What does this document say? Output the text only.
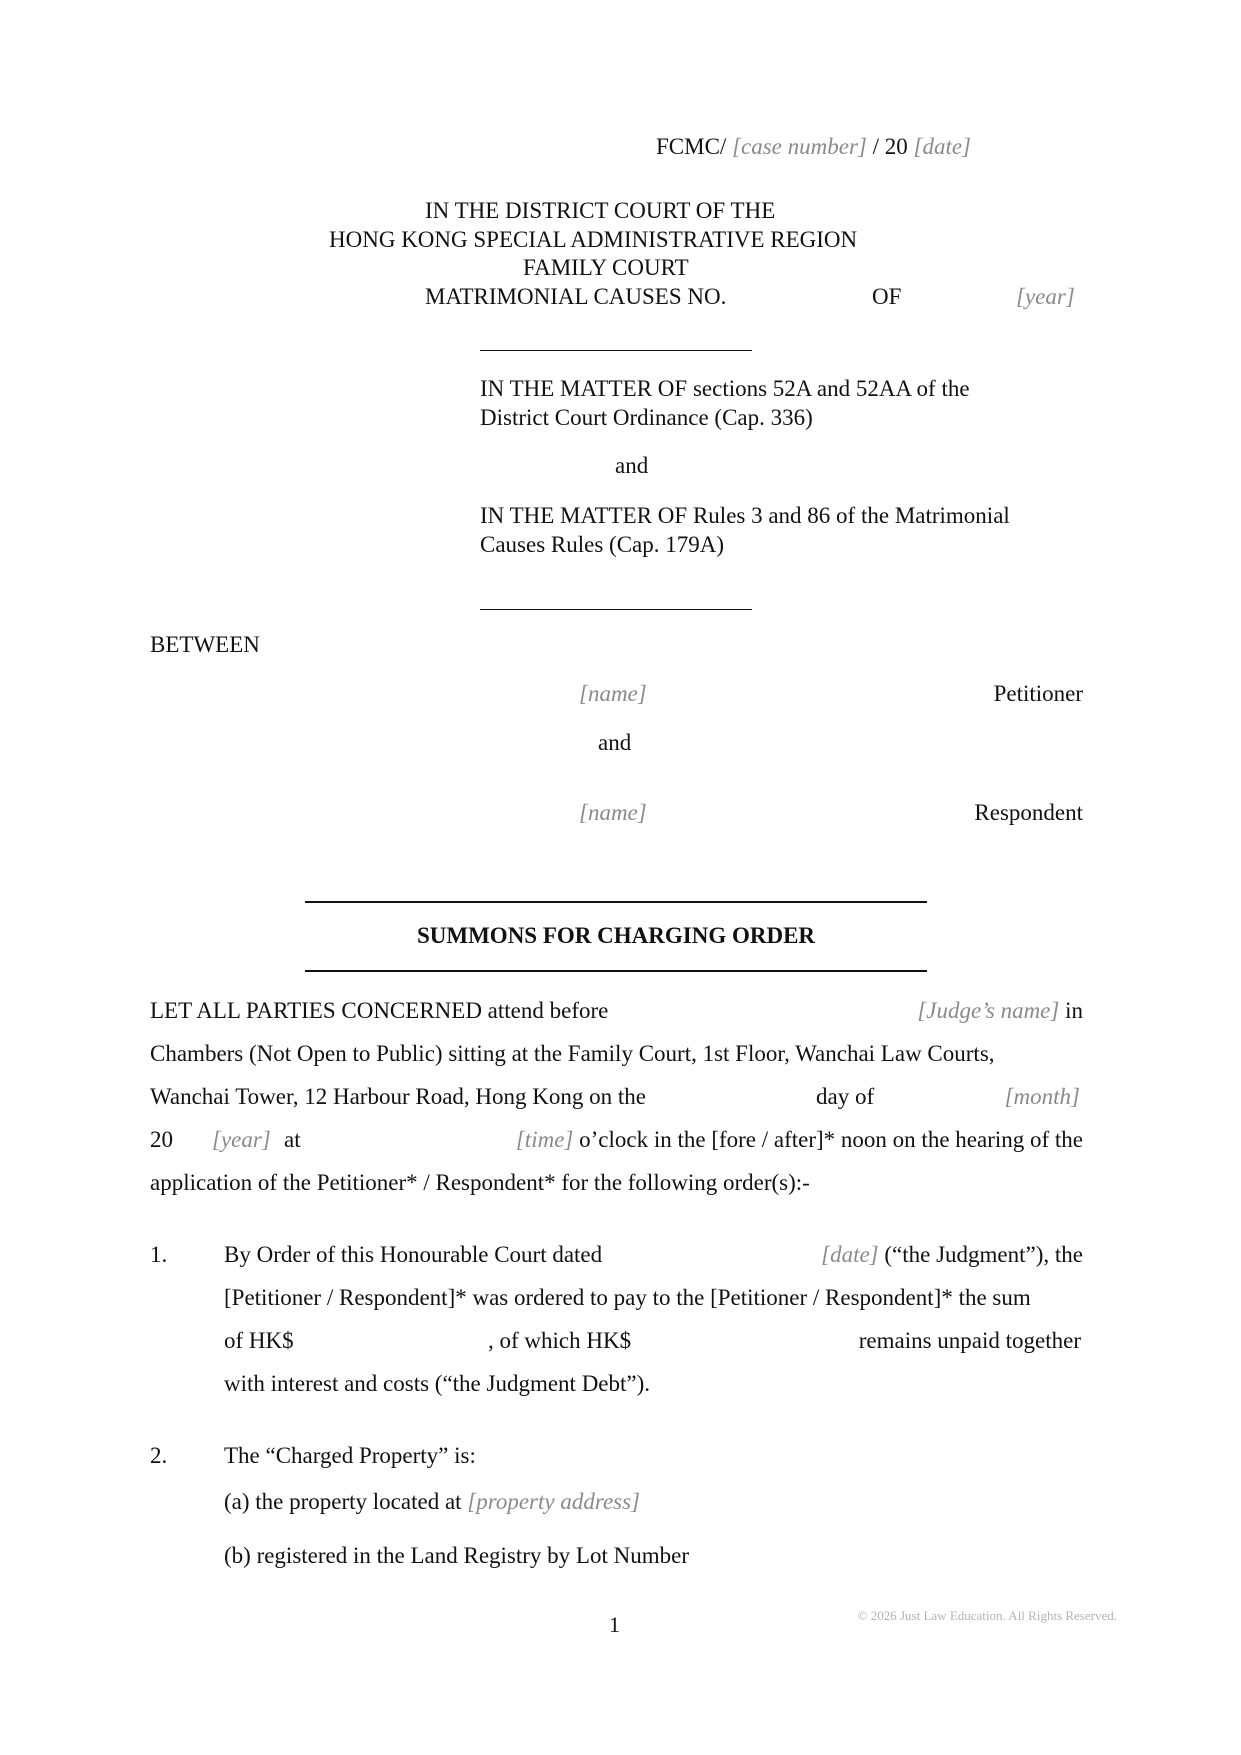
FCMC/ [case number] / 20 [date]
IN THE DISTRICT COURT OF THE
HONG KONG SPECIAL ADMINISTRATIVE REGION
FAMILY COURT
MATRIMONIAL CAUSES NO.	OF	[year]
IN THE MATTER OF sections 52A and 52AA of the
District Court Ordinance (Cap. 336)
and
IN THE MATTER OF Rules 3 and 86 of the Matrimonial
Causes Rules (Cap. 179A)
BETWEEN
[name]	Petitioner
and
[name]	Respondent
SUMMONS FOR CHARGING ORDER
LET ALL PARTIES CONCERNED attend before	[Judge’s name] in
Chambers (Not Open to Public) sitting at the Family Court, 1st Floor, Wanchai Law Courts,
Wanchai Tower, 12 Harbour Road, Hong Kong on the	day of	[month]
20 [year] at	[time] o’clock in the [fore / after]* noon on the hearing of the
application of the Petitioner* / Respondent* for the following order(s):-
1. By Order of this Honourable Court dated	[date] (“the Judgment”), the
[Petitioner / Respondent]* was ordered to pay to the [Petitioner / Respondent]* the sum
of HK$	, of which HK$	remains unpaid together
with interest and costs (“the Judgment Debt”).
2. The “Charged Property” is:
(a) the property located at [property address]
(b) registered in the Land Registry by Lot Number
1	© 2026 Just Law Education. All Rights Reserved.
